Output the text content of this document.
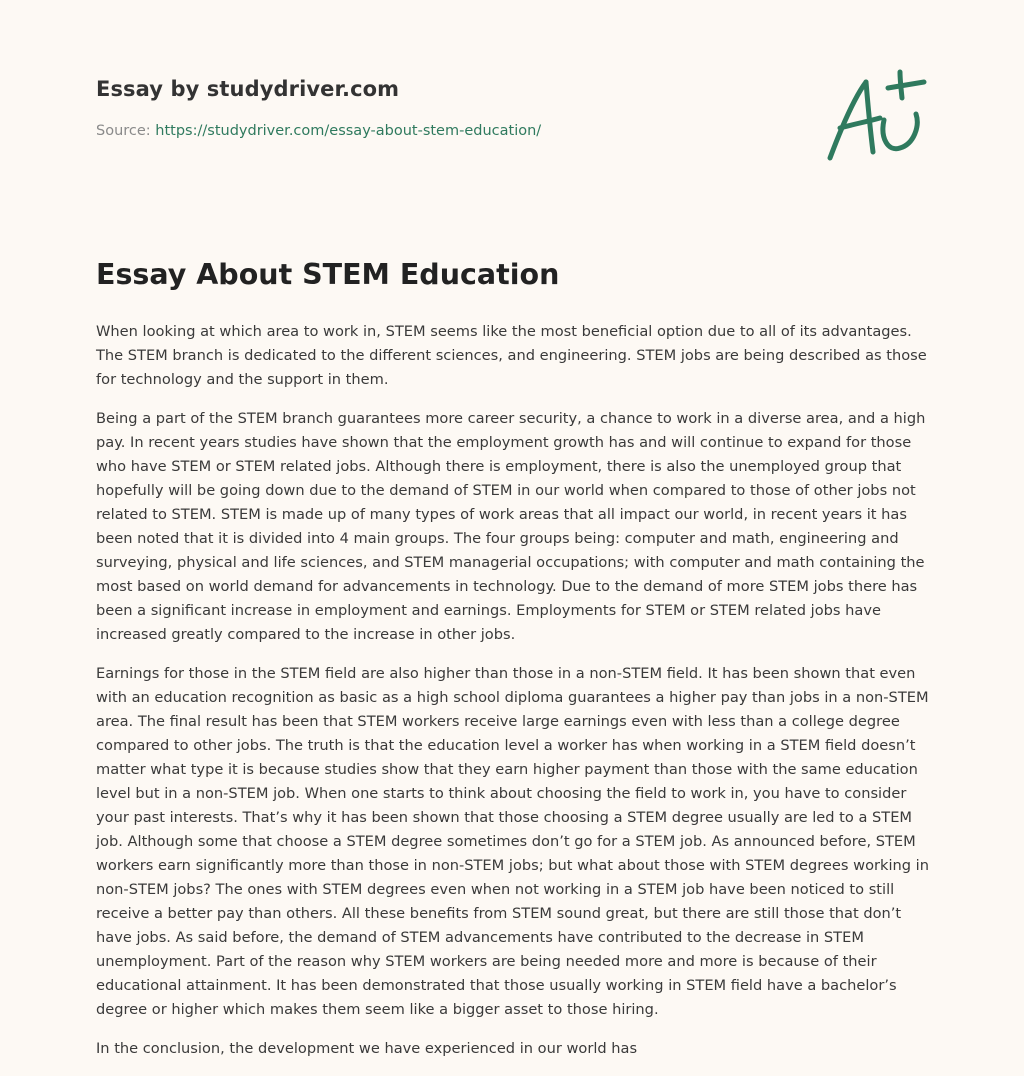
Essay by studydriver.com
Source: https://studydriver.com/essay-about-stem-education/
Essay About STEM Education

When looking at which area to work in, STEM seems like the most beneficial option due to all of its advantages. The STEM branch is dedicated to the different sciences, and engineering. STEM jobs are being described as those for technology and the support in them.

Being a part of the STEM branch guarantees more career security, a chance to work in a diverse area, and a high pay. In recent years studies have shown that the employment growth has and will continue to expand for those who have STEM or STEM related jobs. Although there is employment, there is also the unemployed group that hopefully will be going down due to the demand of STEM in our world when compared to those of other jobs not related to STEM. STEM is made up of many types of work areas that all impact our world, in recent years it has been noted that it is divided into 4 main groups. The four groups being: computer and math, engineering and surveying, physical and life sciences, and STEM managerial occupations; with computer and math containing the most based on world demand for advancements in technology. Due to the demand of more STEM jobs there has been a significant increase in employment and earnings. Employments for STEM or STEM related jobs have increased greatly compared to the increase in other jobs.

Earnings for those in the STEM field are also higher than those in a non-STEM field. It has been shown that even with an education recognition as basic as a high school diploma guarantees a higher pay than jobs in a non-STEM area. The final result has been that STEM workers receive large earnings even with less than a college degree compared to other jobs. The truth is that the education level a worker has when working in a STEM field doesn’t matter what type it is because studies show that they earn higher payment than those with the same education level but in a non-STEM job. When one starts to think about choosing the field to work in, you have to consider your past interests. That’s why it has been shown that those choosing a STEM degree usually are led to a STEM job. Although some that choose a STEM degree sometimes don’t go for a STEM job. As announced before, STEM workers earn significantly more than those in non-STEM jobs; but what about those with STEM degrees working in non-STEM jobs? The ones with STEM degrees even when not working in a STEM job have been noticed to still receive a better pay than others. All these benefits from STEM sound great, but there are still those that don’t have jobs. As said before, the demand of STEM advancements have contributed to the decrease in STEM unemployment. Part of the reason why STEM workers are being needed more and more is because of their educational attainment. It has been demonstrated that those usually working in STEM field have a bachelor’s degree or higher which makes them seem like a bigger asset to those hiring.

In the conclusion, the development we have experienced in our world has
